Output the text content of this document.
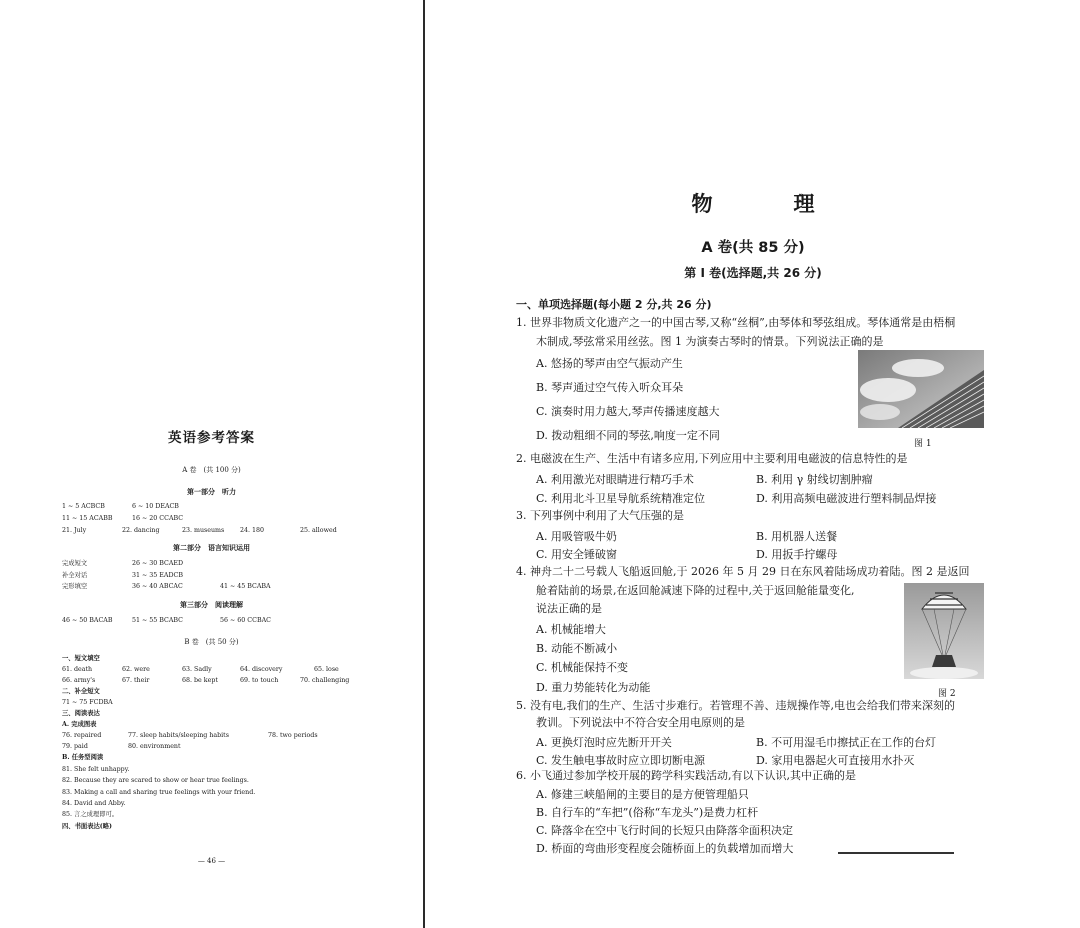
英语参考答案
A 卷　(共 100 分)
第一部分　听力
1 ~ 5 ACBCB	6 ~ 10 DEACB
11 ~ 15 ACABB	16 ~ 20 CCABC
21. July	22. dancing	23. museums 24. 180	25. allowed
第二部分　语言知识运用
完成短文	26 ~ 30 BCAED
补全对话	31 ~ 35 EADCB
完形填空	36 ~ 40 ABCAC	41 ~ 45 BCABA
第三部分　阅读理解
46 ~ 50 BACAB	51 ~ 55 BCABC	56 ~ 60 CCBAC
B 卷　(共 50 分)
一、短文填空
61. death	62. were	63. Sadly	64. discovery	65. lose
66. army's	67. their	68. be kept	69. to touch	70. challenging
二、补全短文
71 ~ 75 FCDBA
三、阅读表达
A. 完成图表
76. repaired	77. sleep habits/sleeping habits	78. two periods
79. paid	80. environment
B. 任务型阅读
81. She felt unhappy.
82. Because they are scared to show or hear true feelings.
83. Making a call and sharing true feelings with your friend.
84. David and Abby.
85. 言之成理即可。
四、书面表达(略)
— 46 —
物　理
A 卷(共 85 分)
第 Ⅰ 卷(选择题,共 26 分)
一、单项选择题(每小题 2 分,共 26 分)
1. 世界非物质文化遗产之一的中国古琴,又称“丝桐”,由琴体和琴弦组成。琴体通常是由梧桐
木制成,琴弦常采用丝弦。图 1 为演奏古琴时的情景。下列说法正确的是
A. 悠扬的琴声由空气振动产生
B. 琴声通过空气传入听众耳朵
C. 演奏时用力越大,琴声传播速度越大
D. 拨动粗细不同的琴弦,响度一定不同
图 1
2. 电磁波在生产、生活中有诸多应用,下列应用中主要利用电磁波的信息特性的是
A. 利用激光对眼睛进行精巧手术	B. 利用 γ 射线切割肿瘤
C. 利用北斗卫星导航系统精准定位	D. 利用高频电磁波进行塑料制品焊接
3. 下列事例中利用了大气压强的是
A. 用吸管吸牛奶	B. 用机器人送餐
C. 用安全锤破窗	D. 用扳手拧螺母
4. 神舟二十二号载人飞船返回舱,于 2026 年 5 月 29 日在东风着陆场成功着陆。图 2 是返回
舱着陆前的场景,在返回舱减速下降的过程中,关于返回舱能量变化,
说法正确的是
A. 机械能增大
B. 动能不断减小
C. 机械能保持不变
D. 重力势能转化为动能	图 2
5. 没有电,我们的生产、生活寸步难行。若管理不善、违规操作等,电也会给我们带来深刻的
教训。下列说法中不符合安全用电原则的是
A. 更换灯泡时应先断开开关	B. 不可用湿毛巾擦拭正在工作的台灯
C. 发生触电事故时应立即切断电源	D. 家用电器起火可直接用水扑灭
6. 小飞通过参加学校开展的跨学科实践活动,有以下认识,其中正确的是
A. 修建三峡船闸的主要目的是方便管理船只
B. 自行车的“车把”(俗称“车龙头”)是费力杠杆
C. 降落伞在空中飞行时间的长短只由降落伞面积决定
D. 桥面的弯曲形变程度会随桥面上的负载增加而增大
